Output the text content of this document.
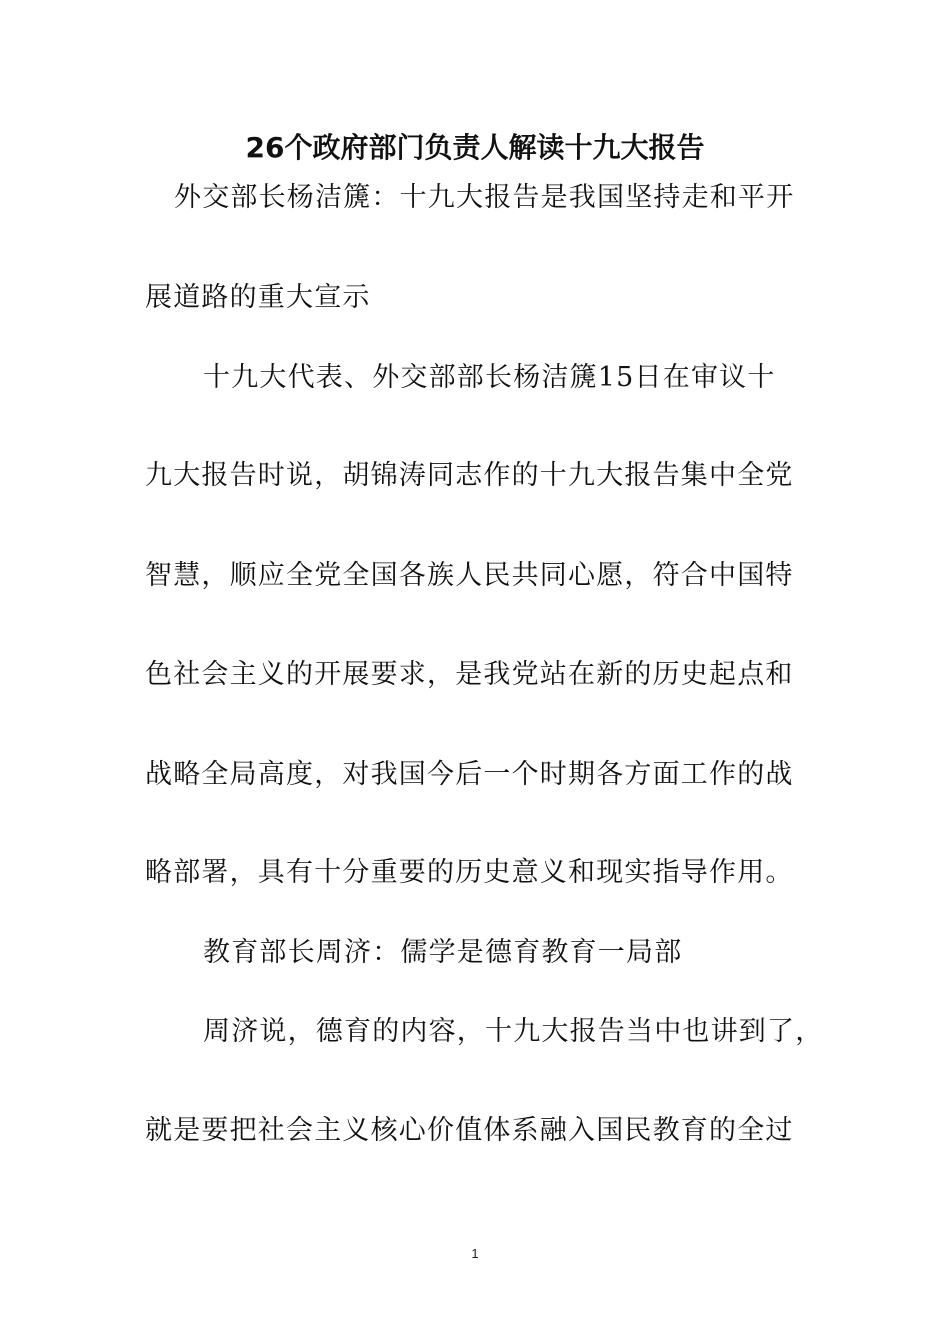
26个政府部门负责人解读十九大报告
外交部长杨洁篪：十九大报告是我国坚持走和平开
展道路的重大宣示
十九大代表、外交部部长杨洁篪15日在审议十
九大报告时说，胡锦涛同志作的十九大报告集中全党
智慧，顺应全党全国各族人民共同心愿，符合中国特
色社会主义的开展要求，是我党站在新的历史起点和
战略全局高度，对我国今后一个时期各方面工作的战
略部署，具有十分重要的历史意义和现实指导作用。
教育部长周济：儒学是德育教育一局部
周济说，德育的内容，十九大报告当中也讲到了，
就是要把社会主义核心价值体系融入国民教育的全过
1
